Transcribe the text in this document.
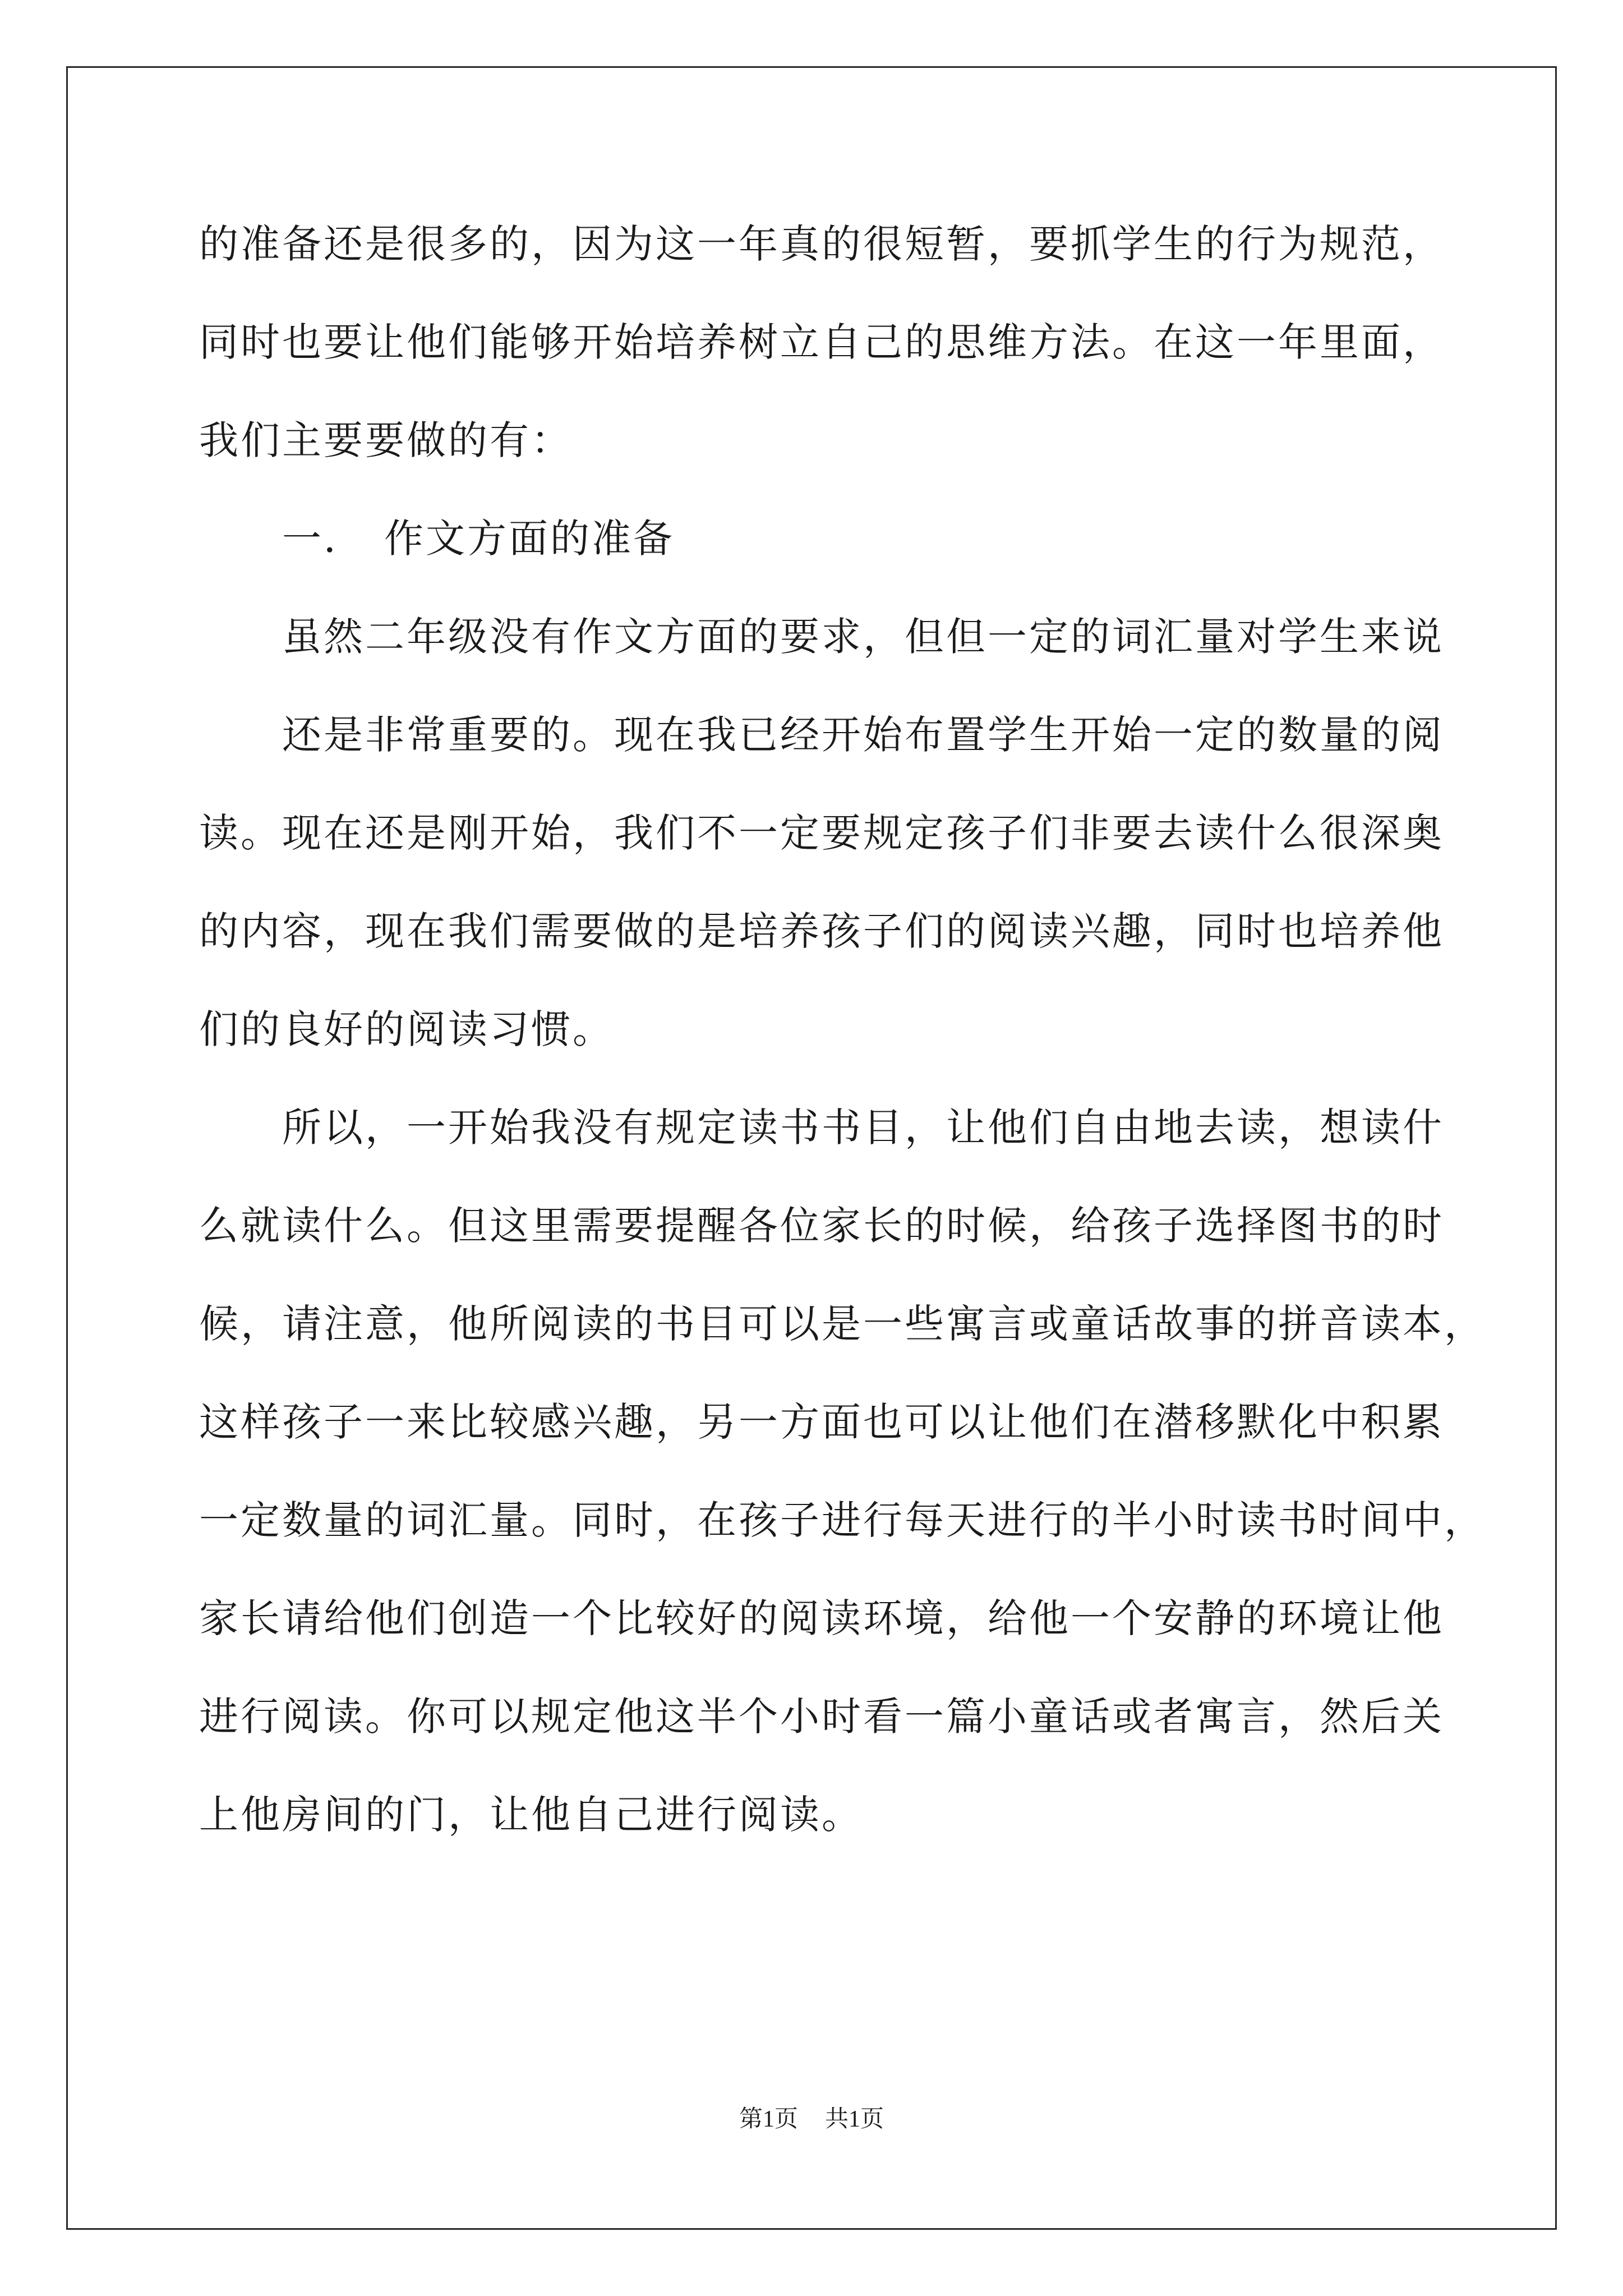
的准备还是很多的，因为这一年真的很短暂，要抓学生的行为规范，
同时也要让他们能够开始培养树立自己的思维方法。在这一年里面，
我们主要要做的有：
一． 作文方面的准备
虽然二年级没有作文方面的要求，但但一定的词汇量对学生来说
还是非常重要的。现在我已经开始布置学生开始一定的数量的阅
读。现在还是刚开始，我们不一定要规定孩子们非要去读什么很深奥
的内容，现在我们需要做的是培养孩子们的阅读兴趣，同时也培养他
们的良好的阅读习惯。
所以，一开始我没有规定读书书目，让他们自由地去读，想读什
么就读什么。但这里需要提醒各位家长的时候，给孩子选择图书的时
候，请注意，他所阅读的书目可以是一些寓言或童话故事的拼音读本，
这样孩子一来比较感兴趣，另一方面也可以让他们在潜移默化中积累
一定数量的词汇量。同时，在孩子进行每天进行的半小时读书时间中，
家长请给他们创造一个比较好的阅读环境，给他一个安静的环境让他
进行阅读。你可以规定他这半个小时看一篇小童话或者寓言，然后关
上他房间的门，让他自己进行阅读。
第1页 共1页
